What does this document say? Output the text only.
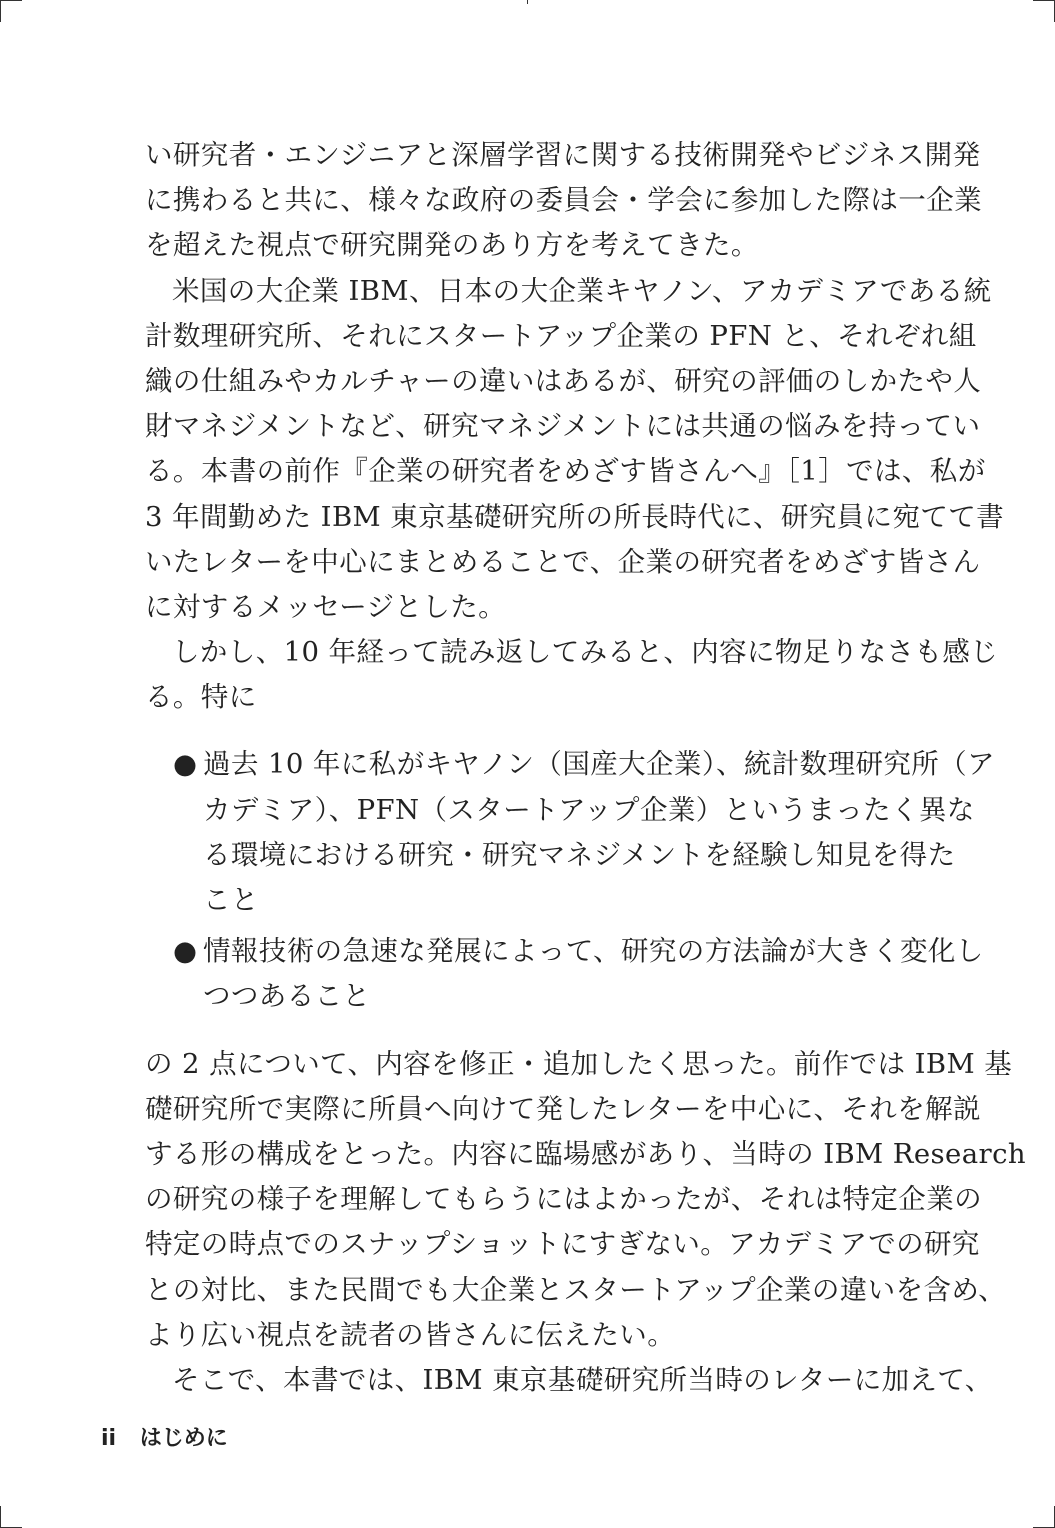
い研究者・エンジニアと深層学習に関する技術開発やビジネス開発
に携わると共に、様々な政府の委員会・学会に参加した際は一企業
を超えた視点で研究開発のあり方を考えてきた。
米国の大企業 IBM、日本の大企業キヤノン、アカデミアである統
計数理研究所、それにスタートアップ企業の PFN と、それぞれ組
織の仕組みやカルチャーの違いはあるが、研究の評価のしかたや人
財マネジメントなど、研究マネジメントには共通の悩みを持ってい
る。本書の前作『企業の研究者をめざす皆さんへ』［1］では、私が
3 年間勤めた IBM 東京基礎研究所の所長時代に、研究員に宛てて書
いたレターを中心にまとめることで、企業の研究者をめざす皆さん
に対するメッセージとした。
しかし、10 年経って読み返してみると、内容に物足りなさも感じ
る。特に
● 過去 10 年に私がキヤノン（国産大企業）、統計数理研究所（ア
カデミア）、PFN（スタートアップ企業）というまったく異な
る環境における研究・研究マネジメントを経験し知見を得た
こと
● 情報技術の急速な発展によって、研究の方法論が大きく変化し
つつあること
の 2 点について、内容を修正・追加したく思った。前作では IBM 基
礎研究所で実際に所員へ向けて発したレターを中心に、それを解説
する形の構成をとった。内容に臨場感があり、当時の IBM Research
の研究の様子を理解してもらうにはよかったが、それは特定企業の
特定の時点でのスナップショットにすぎない。アカデミアでの研究
との対比、また民間でも大企業とスタートアップ企業の違いを含め、
より広い視点を読者の皆さんに伝えたい。
そこで、本書では、IBM 東京基礎研究所当時のレターに加えて、
ii はじめに
